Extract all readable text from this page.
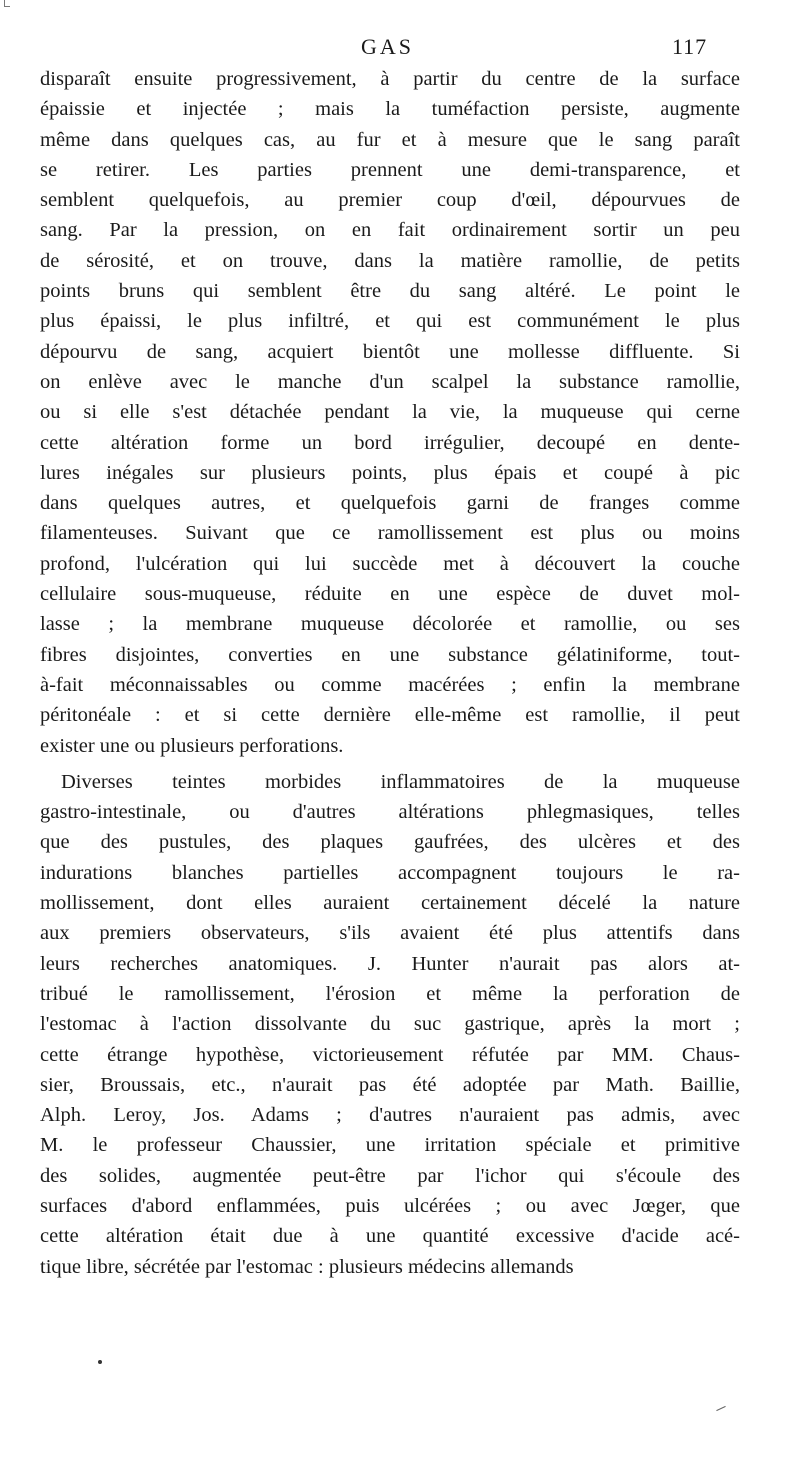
GAS	117
disparaît ensuite progressivement, à partir du centre de la surface
épaissie et injectée ; mais la tuméfaction persiste, augmente
même dans quelques cas, au fur et à mesure que le sang paraît
se retirer. Les parties prennent une demi-transparence, et
semblent quelquefois, au premier coup d'œil, dépourvues de
sang. Par la pression, on en fait ordinairement sortir un peu
de sérosité, et on trouve, dans la matière ramollie, de petits
points bruns qui semblent être du sang altéré. Le point le
plus épaissi, le plus infiltré, et qui est communément le plus
dépourvu de sang, acquiert bientôt une mollesse diffluente. Si
on enlève avec le manche d'un scalpel la substance ramollie,
ou si elle s'est détachée pendant la vie, la muqueuse qui cerne
cette altération forme un bord irrégulier, decoupé en dente-
lures inégales sur plusieurs points, plus épais et coupé à pic
dans quelques autres, et quelquefois garni de franges comme
filamenteuses. Suivant que ce ramollissement est plus ou moins
profond, l'ulcération qui lui succède met à découvert la couche
cellulaire sous-muqueuse, réduite en une espèce de duvet mol-
lasse ; la membrane muqueuse décolorée et ramollie, ou ses
fibres disjointes, converties en une substance gélatiniforme, tout-
à-fait méconnaissables ou comme macérées ; enfin la membrane
péritonéale : et si cette dernière elle-même est ramollie, il peut
exister une ou plusieurs perforations.
Diverses teintes morbides inflammatoires de la muqueuse
gastro-intestinale, ou d'autres altérations phlegmasiques, telles
que des pustules, des plaques gaufrées, des ulcères et des
indurations blanches partielles accompagnent toujours le ra-
mollissement, dont elles auraient certainement décelé la nature
aux premiers observateurs, s'ils avaient été plus attentifs dans
leurs recherches anatomiques. J. Hunter n'aurait pas alors at-
tribué le ramollissement, l'érosion et même la perforation de
l'estomac à l'action dissolvante du suc gastrique, après la mort ;
cette étrange hypothèse, victorieusement réfutée par MM. Chaus-
sier, Broussais, etc., n'aurait pas été adoptée par Math. Baillie,
Alph. Leroy, Jos. Adams ; d'autres n'auraient pas admis, avec
M. le professeur Chaussier, une irritation spéciale et primitive
des solides, augmentée peut-être par l'ichor qui s'écoule des
surfaces d'abord enflammées, puis ulcérées ; ou avec Jœger, que
cette altération était due à une quantité excessive d'acide acé-
tique libre, sécrétée par l'estomac : plusieurs médecins allemands
